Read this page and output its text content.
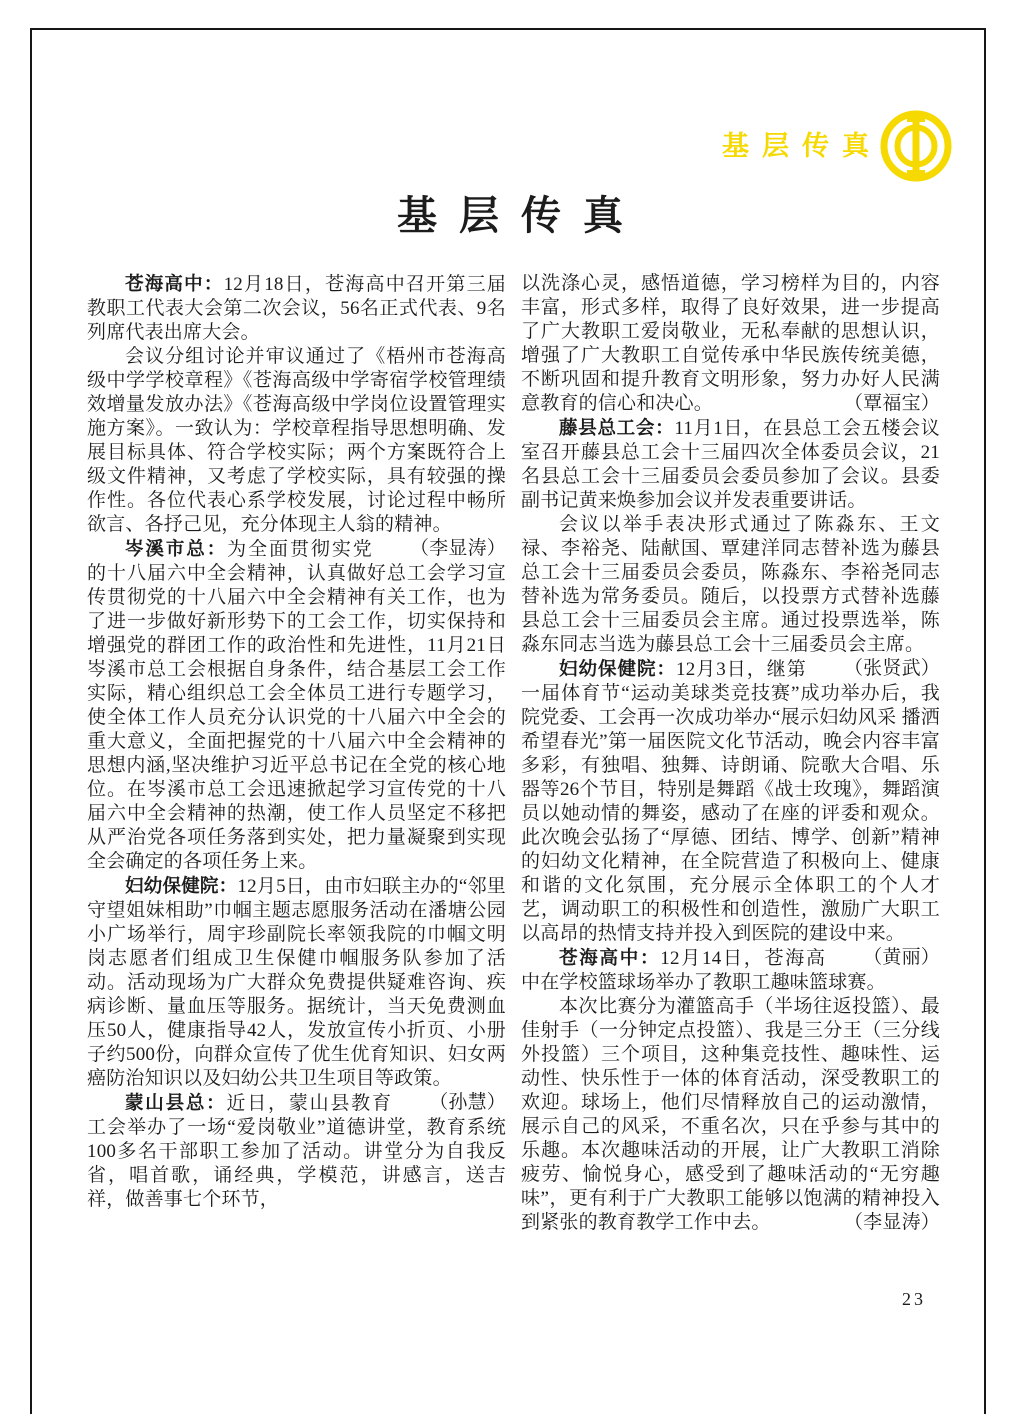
基层传真
基层传真

苍海高中：12月18日，苍海高中召开第三届教职工代表大会第二次会议，56名正式代表、9名列席代表出席大会。

会议分组讨论并审议通过了《梧州市苍海高级中学学校章程》《苍海高级中学寄宿学校管理绩效增量发放办法》《苍海高级中学岗位设置管理实施方案》。一致认为：学校章程指导思想明确、发展目标具体、符合学校实际；两个方案既符合上级文件精神，又考虑了学校实际，具有较强的操作性。各位代表心系学校发展，讨论过程中畅所欲言、各抒己见，充分体现主人翁的精神。
（李显涛）

岑溪市总：为全面贯彻实党的十八届六中全会精神，认真做好总工会学习宣传贯彻党的十八届六中全会精神有关工作，也为了进一步做好新形势下的工会工作，切实保持和增强党的群团工作的政治性和先进性，11月21日岑溪市总工会根据自身条件，结合基层工会工作实际，精心组织总工会全体员工进行专题学习，使全体工作人员充分认识党的十八届六中全会的重大意义，全面把握党的十八届六中全会精神的思想内涵,坚决维护习近平总书记在全党的核心地位。在岑溪市总工会迅速掀起学习宣传党的十八届六中全会精神的热潮，使工作人员坚定不移把从严治党各项任务落到实处，把力量凝聚到实现全会确定的各项任务上来。

妇幼保健院：12月5日，由市妇联主办的“邻里守望姐妹相助”巾帼主题志愿服务活动在潘塘公园小广场举行，周宇珍副院长率领我院的巾帼文明岗志愿者们组成卫生保健巾帼服务队参加了活动。活动现场为广大群众免费提供疑难咨询、疾病诊断、量血压等服务。据统计，当天免费测血压50人，健康指导42人，发放宣传小折页、小册子约500份，向群众宣传了优生优育知识、妇女两癌防治知识以及妇幼公共卫生项目等政策。
（孙慧）

蒙山县总：近日，蒙山县教育工会举办了一场“爱岗敬业”道德讲堂，教育系统100多名干部职工参加了活动。讲堂分为自我反省，唱首歌，诵经典，学模范，讲感言，送吉祥，做善事七个环节，

以洗涤心灵，感悟道德，学习榜样为目的，内容丰富，形式多样，取得了良好效果，进一步提高了广大教职工爱岗敬业，无私奉献的思想认识，增强了广大教职工自觉传承中华民族传统美德，不断巩固和提升教育文明形象，努力办好人民满意教育的信心和决心。	（覃福宝）

藤县总工会：11月1日，在县总工会五楼会议室召开藤县总工会十三届四次全体委员会议，21名县总工会十三届委员会委员参加了会议。县委副书记黄来焕参加会议并发表重要讲话。

会议以举手表决形式通过了陈淼东、王文禄、李裕尧、陆献国、覃建洋同志替补选为藤县总工会十三届委员会委员，陈淼东、李裕尧同志替补选为常务委员。随后，以投票方式替补选藤县总工会十三届委员会主席。通过投票选举，陈淼东同志当选为藤县总工会十三届委员会主席。
（张贤武）

妇幼保健院：12月3日，继第一届体育节“运动美球类竞技赛”成功举办后，我院党委、工会再一次成功举办“展示妇幼风采 播洒希望春光”第一届医院文化节活动，晚会内容丰富多彩，有独唱、独舞、诗朗诵、院歌大合唱、乐器等26个节目，特别是舞蹈《战士玫瑰》，舞蹈演员以她动情的舞姿，感动了在座的评委和观众。此次晚会弘扬了“厚德、团结、博学、创新”精神的妇幼文化精神，在全院营造了积极向上、健康和谐的文化氛围，充分展示全体职工的个人才艺，调动职工的积极性和创造性，激励广大职工以高昂的热情支持并投入到医院的建设中来。
（黄丽）

苍海高中：12月14日，苍海高中在学校篮球场举办了教职工趣味篮球赛。

本次比赛分为灌篮高手（半场往返投篮）、最佳射手（一分钟定点投篮）、我是三分王（三分线外投篮）三个项目，这种集竞技性、趣味性、运动性、快乐性于一体的体育活动，深受教职工的欢迎。球场上，他们尽情释放自己的运动激情，展示自己的风采，不重名次，只在乎参与其中的乐趣。本次趣味活动的开展，让广大教职工消除疲劳、愉悦身心，感受到了趣味活动的“无穷趣味”，更有利于广大教职工能够以饱满的精神投入到紧张的教育教学工作中去。	（李显涛）

23
